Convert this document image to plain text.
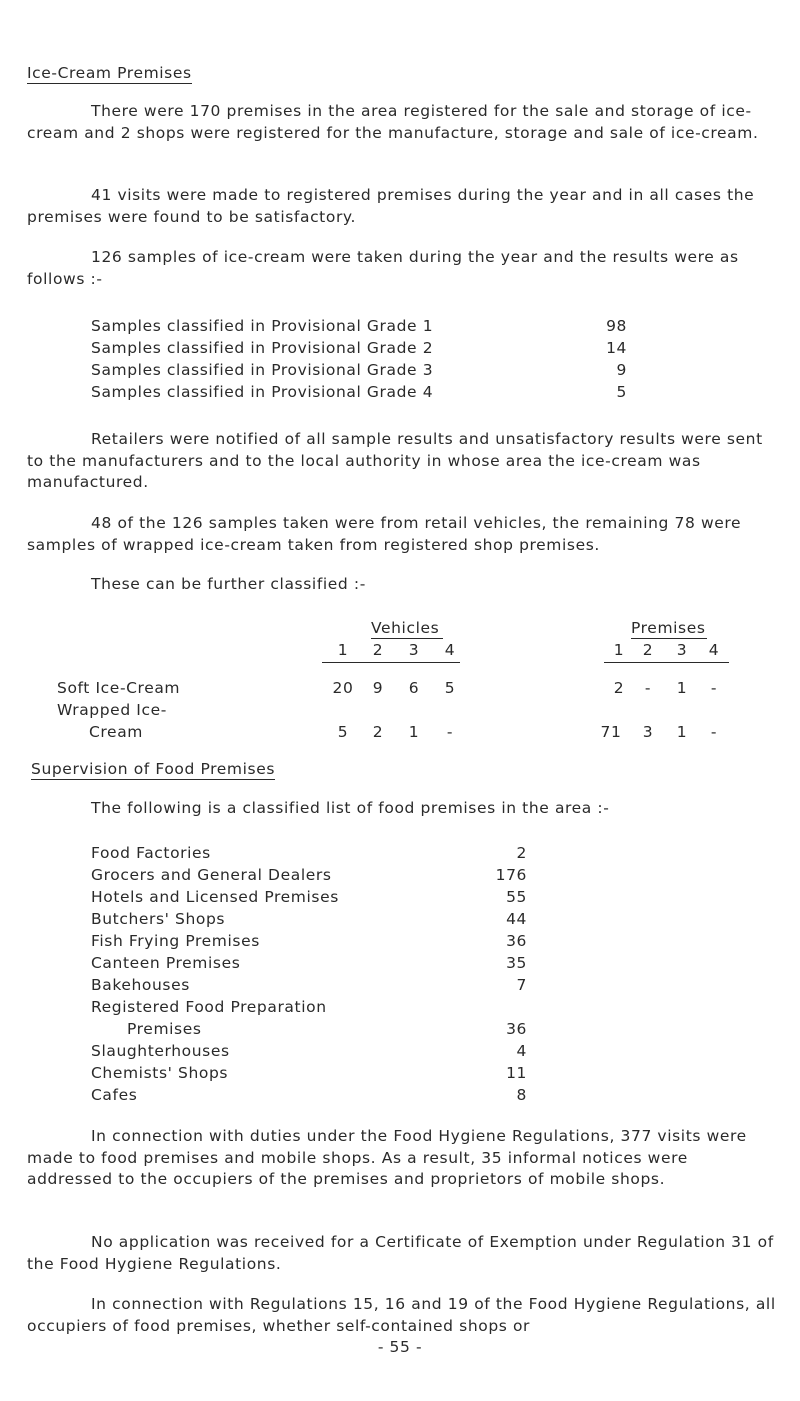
Ice-Cream Premises
There were 170 premises in the area registered for the sale and storage of ice-cream and 2 shops were registered for the manufacture, storage and sale of ice-cream.
41 visits were made to registered premises during the year and in all cases the premises were found to be satisfactory.
126 samples of ice-cream were taken during the year and the results were as follows :-
Samples classified in Provisional Grade 1	98
Samples classified in Provisional Grade 2	14
Samples classified in Provisional Grade 3	9
Samples classified in Provisional Grade 4	5
Retailers were notified of all sample results and unsatisfactory results were sent to the manufacturers and to the local authority in whose area the ice-cream was manufactured.
48 of the 126 samples taken were from retail vehicles, the remaining 78 were samples of wrapped ice-cream taken from registered shop premises.
These can be further classified :-
Vehicles	Premises
1	2	3	4	1	2	3	4
Soft Ice-Cream	20	9	6	5	2	-	1	-
Wrapped Ice-
Cream	5	2	1	-	71	3	1	-
Supervision of Food Premises
The following is a classified list of food premises in the area :-
Food Factories	2
Grocers and General Dealers	176
Hotels and Licensed Premises	55
Butchers' Shops	44
Fish Frying Premises	36
Canteen Premises	35
Bakehouses	7
Registered Food Preparation
Premises	36
Slaughterhouses	4
Chemists' Shops	11
Cafes	8
In connection with duties under the Food Hygiene Regulations, 377 visits were made to food premises and mobile shops. As a result, 35 informal notices were addressed to the occupiers of the premises and proprietors of mobile shops.
No application was received for a Certificate of Exemption under Regulation 31 of the Food Hygiene Regulations.
In connection with Regulations 15, 16 and 19 of the Food Hygiene Regulations, all occupiers of food premises, whether self-contained shops or
- 55 -
